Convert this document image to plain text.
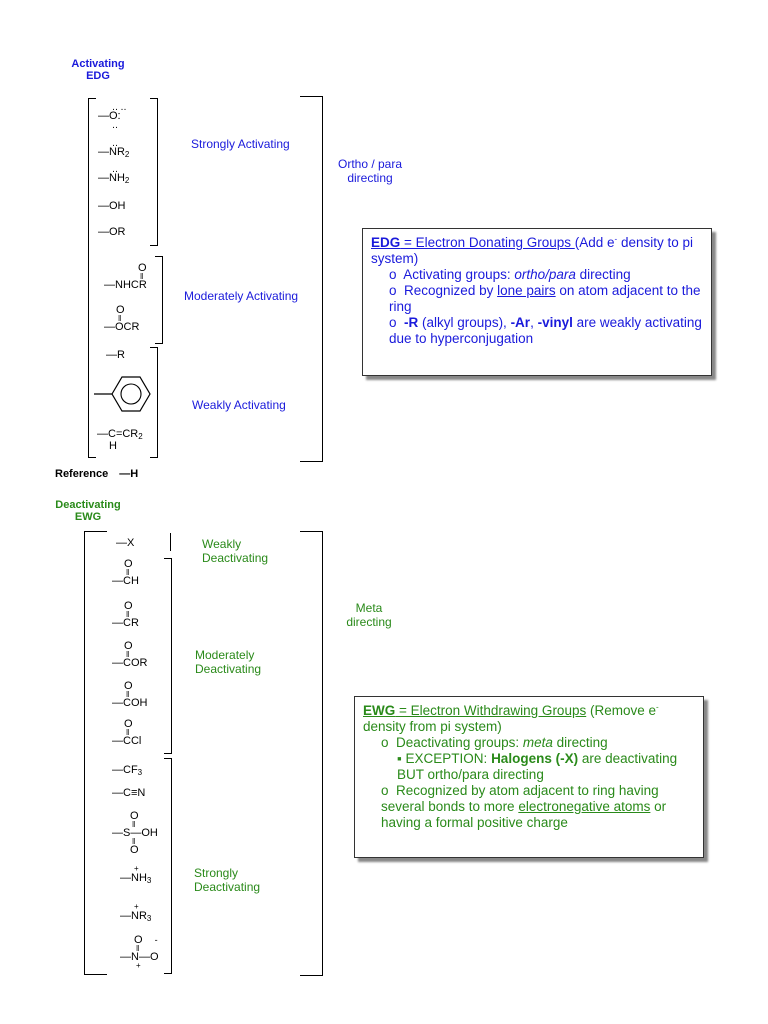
Activating
EDG
‥ ‥
—O:
‥
‥
$—NR_2$
‥
$—NH_2$
—OH
—OR
O
‖
—NHCR
O
‖
—OCR
—R
$—C=CR_2$
H
Strongly Activating
Moderately Activating
Weakly Activating
Ortho / para
directing
Reference —H
EDG = Electron Donating Groups (Add e- density to pi system)
o Activating groups: ortho/para directing
o Recognized by lone pairs on atom adjacent to the ring
o -R (alkyl groups), -Ar, -vinyl are weakly activating due to hyperconjugation
Deactivating
EWG
—X
O
‖
—CH
O
‖
—CR
O
‖
—COR
O
‖
—COH
O
‖
—CCl
$—CF_3$
—C≡N
O
‖
—S—OH
‖
O
+
$—NH_3$
+
$—NR_3$
O -
‖
—N—O
+
Weakly
Deactivating
Moderately
Deactivating
Strongly
Deactivating
Meta
directing
EWG = Electron Withdrawing Groups (Remove e- density from pi system)
o Deactivating groups: meta directing
▪ EXCEPTION: Halogens (-X) are deactivating BUT ortho/para directing
o Recognized by atom adjacent to ring having several bonds to more electronegative atoms or having a formal positive charge
